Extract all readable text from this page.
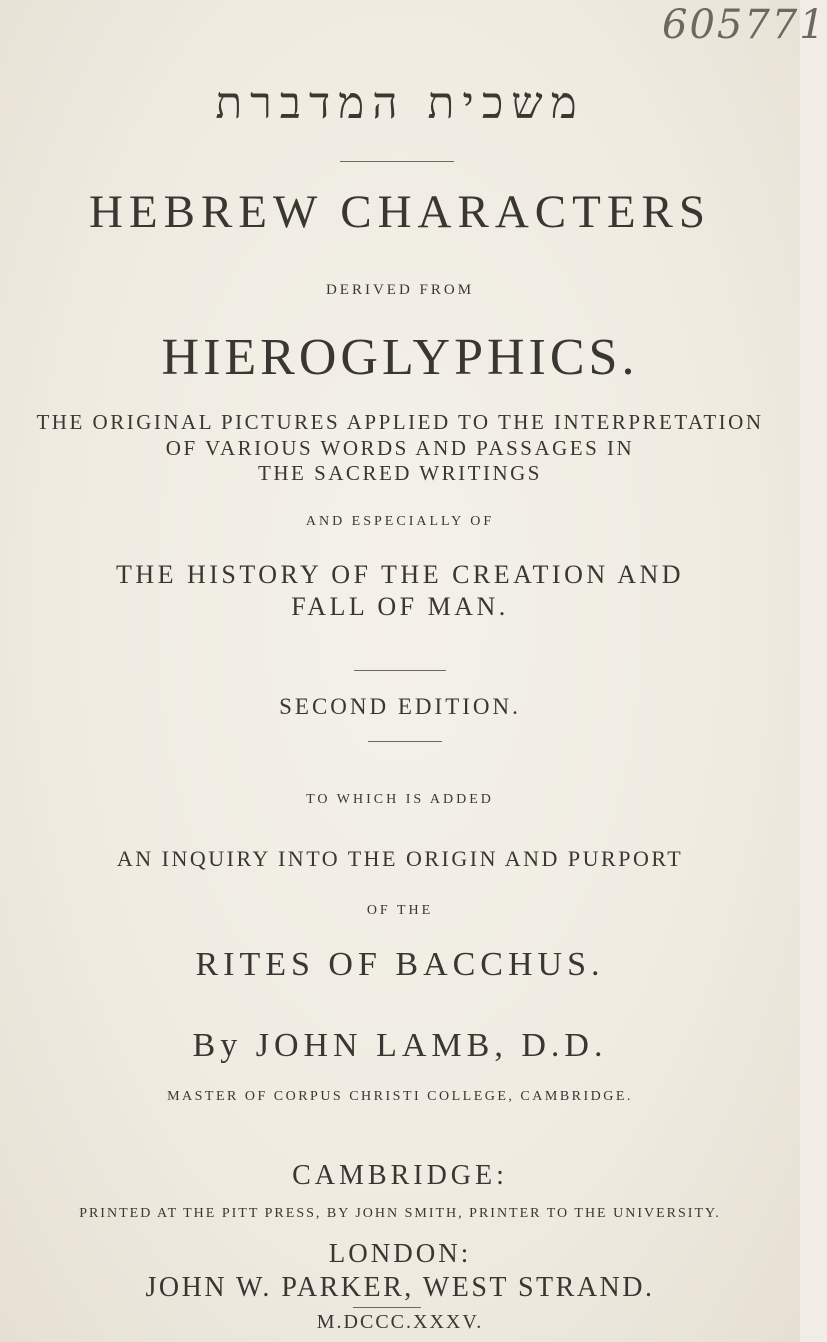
605771

משכית המדברת

HEBREW CHARACTERS

DERIVED FROM

HIEROGLYPHICS.

THE ORIGINAL PICTURES APPLIED TO THE INTERPRETATION

OF VARIOUS WORDS AND PASSAGES IN

THE SACRED WRITINGS

AND ESPECIALLY OF

THE HISTORY OF THE CREATION AND

FALL OF MAN.

SECOND EDITION.

TO WHICH IS ADDED

AN INQUIRY INTO THE ORIGIN AND PURPORT

OF THE

RITES OF BACCHUS.

By JOHN LAMB, D.D.

MASTER OF CORPUS CHRISTI COLLEGE, CAMBRIDGE.

CAMBRIDGE:

PRINTED AT THE PITT PRESS, BY JOHN SMITH, PRINTER TO THE UNIVERSITY.

LONDON:

JOHN W. PARKER, WEST STRAND.

M.DCCC.XXXV.
